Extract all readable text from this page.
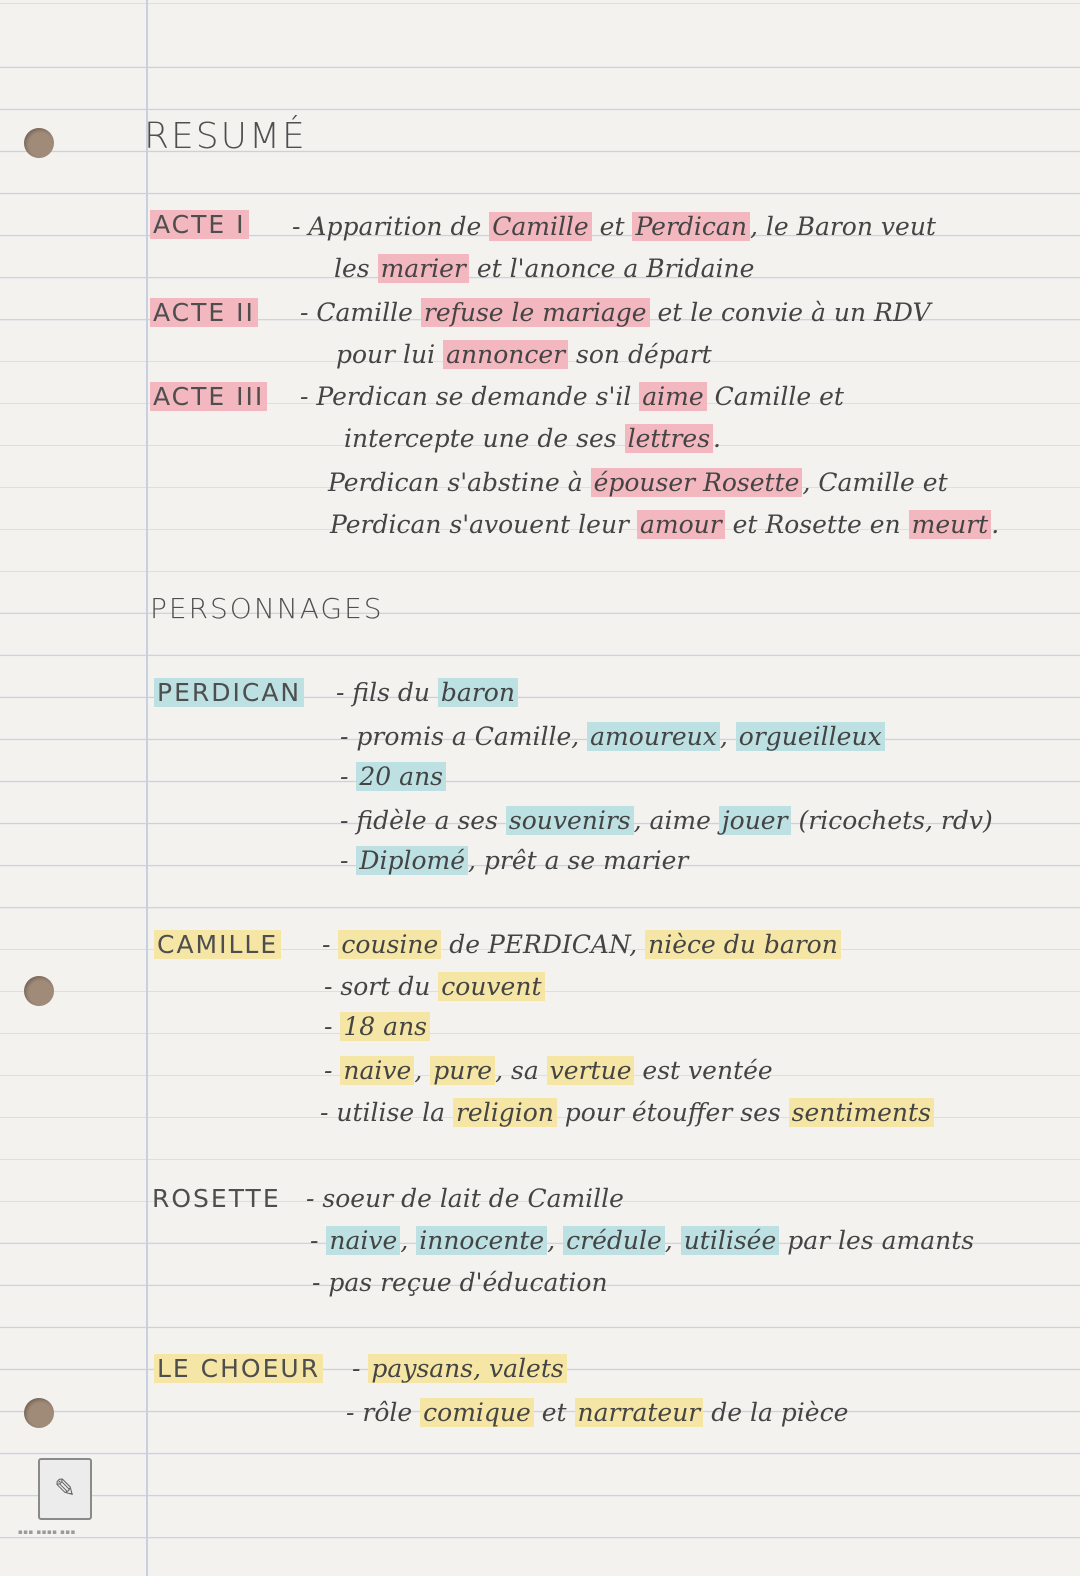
✎
▪▪▪ ▪▪▪▪ ▪▪▪
RESUMÉ
ACTE I - Apparition de Camille et Perdican , le Baron veut
les marier et l'anonce a Bridaine
ACTE II - Camille refuse le mariage et le convie à un RDV
pour lui annoncer son départ
ACTE III - Perdican se demande s'il aime Camille et
intercepte une de ses lettres .
Perdican s'abstine à épouser Rosette , Camille et
Perdican s'avouent leur amour et Rosette en meurt .
PERSONNAGES
PERDICAN - fils du baron
- promis a Camille, amoureux , orgueilleux
- 20 ans
- fidèle a ses souvenirs , aime jouer (ricochets, rdv)
- Diplomé , prêt a se marier
CAMILLE - cousine de PERDICAN, nièce du baron
- sort du couvent
- 18 ans
- naive , pure , sa vertue est ventée
- utilise la religion pour étouffer ses sentiments
ROSETTE - soeur de lait de Camille
- naive , innocente , crédule , utilisée par les amants
- pas reçue d'éducation
LE CHOEUR - paysans, valets
- rôle comique et narrateur de la pièce
